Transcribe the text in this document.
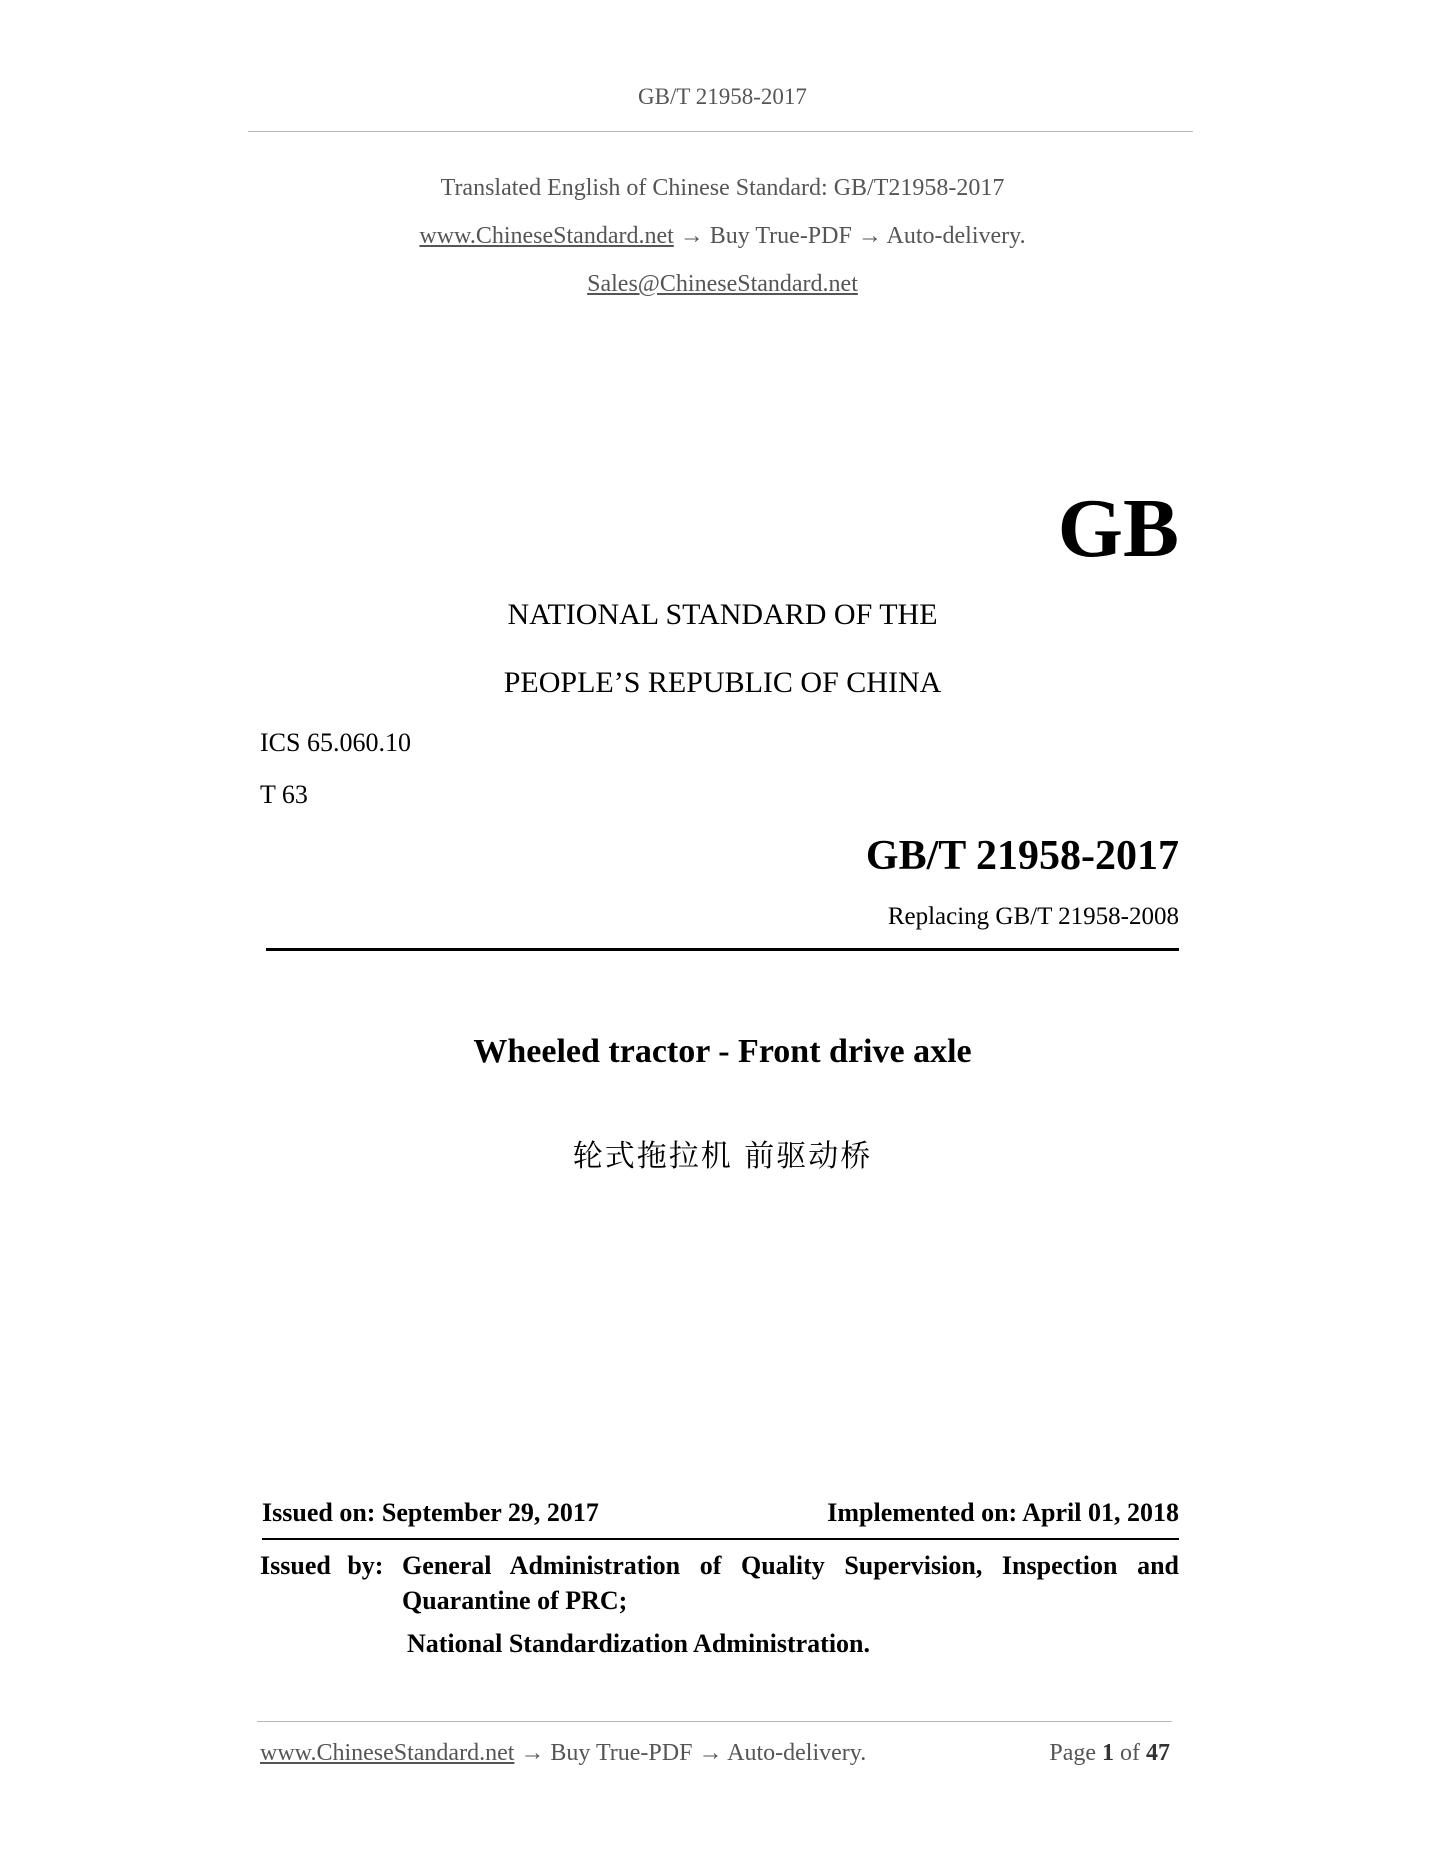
GB/T 21958-2017
Translated English of Chinese Standard: GB/T21958-2017
www.ChineseStandard.net → Buy True-PDF → Auto-delivery.
Sales@ChineseStandard.net
GB
NATIONAL STANDARD OF THE
PEOPLE’S REPUBLIC OF CHINA
ICS 65.060.10
T 63
GB/T 21958-2017
Replacing GB/T 21958-2008
Wheeled tractor - Front drive axle
轮式拖拉机 前驱动桥
Issued on: September 29, 2017	Implemented on: April 01, 2018
Issued by: General Administration of Quality Supervision, Inspection and
Quarantine of PRC;
National Standardization Administration.
www.ChineseStandard.net → Buy True-PDF → Auto-delivery.	Page 1 of 47
